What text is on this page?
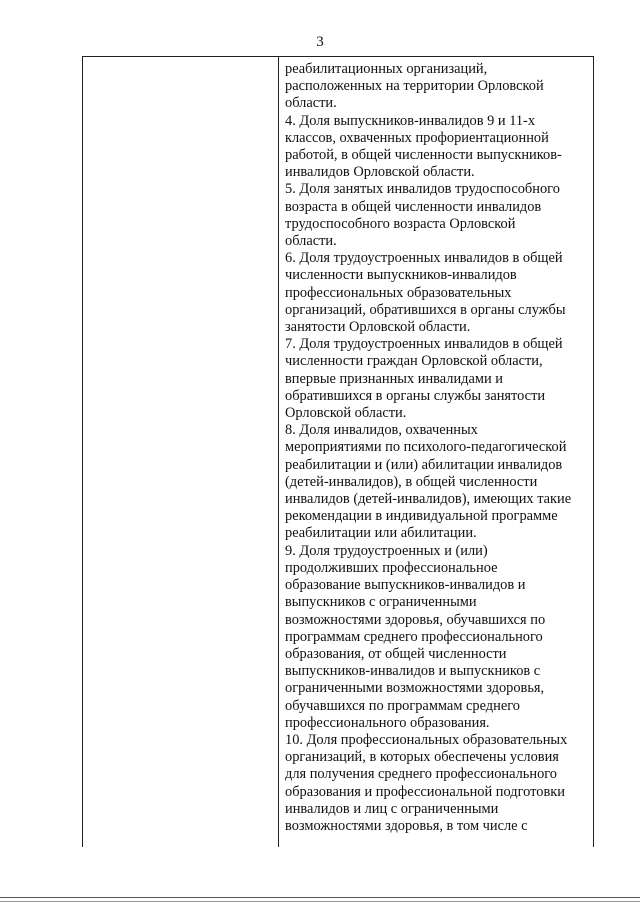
3
реабилитационных организаций,
расположенных на территории Орловской
области.
4. Доля выпускников-инвалидов 9 и 11-х
классов, охваченных профориентационной
работой, в общей численности выпускников-
инвалидов Орловской области.
5. Доля занятых инвалидов трудоспособного
возраста в общей численности инвалидов
трудоспособного возраста Орловской
области.
6. Доля трудоустроенных инвалидов в общей
численности выпускников-инвалидов
профессиональных образовательных
организаций, обратившихся в органы службы
занятости Орловской области.
7. Доля трудоустроенных инвалидов в общей
численности граждан Орловской области,
впервые признанных инвалидами и
обратившихся в органы службы занятости
Орловской области.
8. Доля инвалидов, охваченных
мероприятиями по психолого-педагогической
реабилитации и (или) абилитации инвалидов
(детей-инвалидов), в общей численности
инвалидов (детей-инвалидов), имеющих такие
рекомендации в индивидуальной программе
реабилитации или абилитации.
9. Доля трудоустроенных и (или)
продолживших профессиональное
образование выпускников-инвалидов и
выпускников с ограниченными
возможностями здоровья, обучавшихся по
программам среднего профессионального
образования, от общей численности
выпускников-инвалидов и выпускников с
ограниченными возможностями здоровья,
обучавшихся по программам среднего
профессионального образования.
10. Доля профессиональных образовательных
организаций, в которых обеспечены условия
для получения среднего профессионального
образования и профессиональной подготовки
инвалидов и лиц с ограниченными
возможностями здоровья, в том числе с
